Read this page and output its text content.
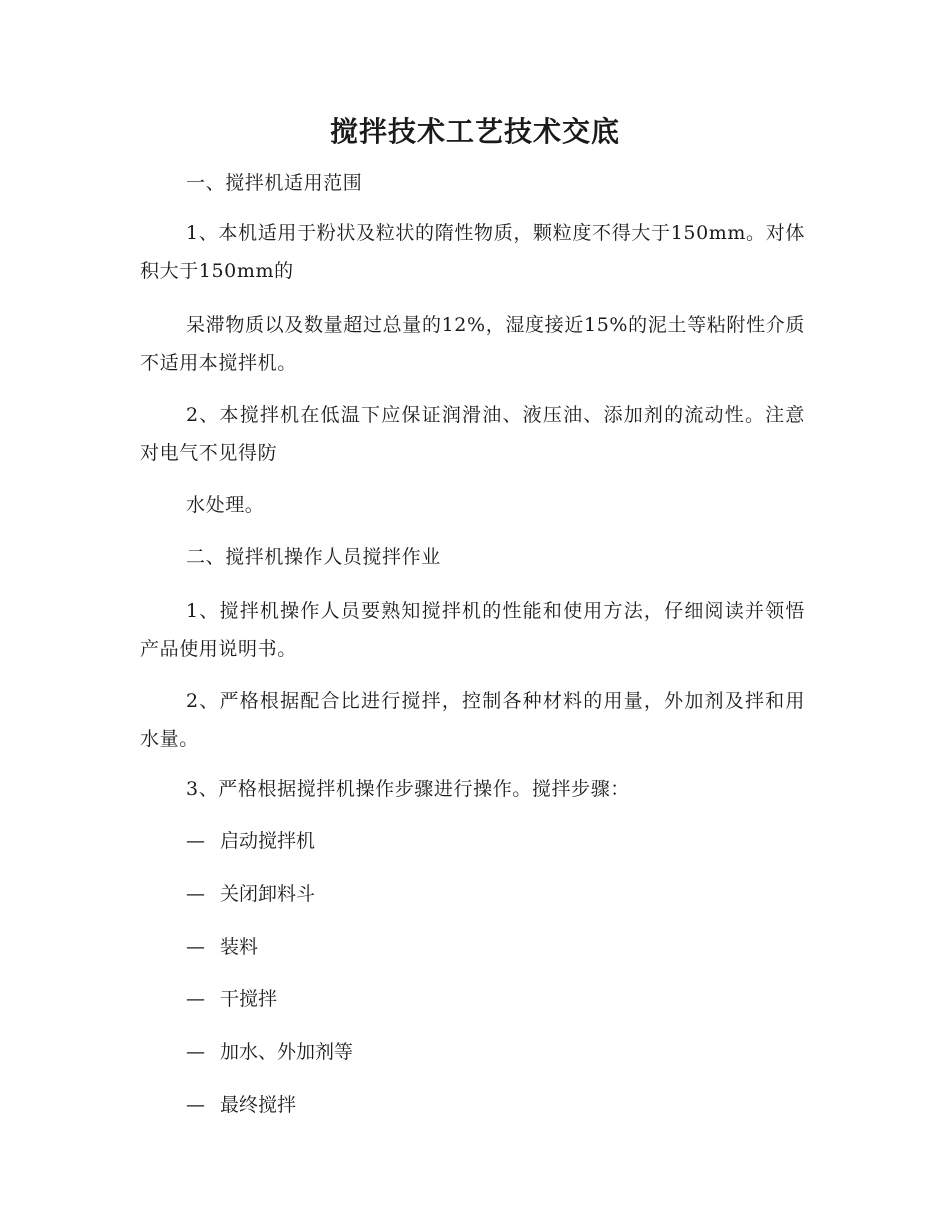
搅拌技术工艺技术交底
一、搅拌机适用范围
1、本机适用于粉状及粒状的隋性物质，颗粒度不得大于150mm。对体积大于150mm的
呆滞物质以及数量超过总量的12%，湿度接近15%的泥土等粘附性介质不适用本搅拌机。
2、本搅拌机在低温下应保证润滑油、液压油、添加剂的流动性。注意对电气不见得防
水处理。
二、搅拌机操作人员搅拌作业
1、搅拌机操作人员要熟知搅拌机的性能和使用方法，仔细阅读并领悟产品使用说明书。
2、严格根据配合比进行搅拌，控制各种材料的用量，外加剂及拌和用水量。
3、严格根据搅拌机操作步骤进行操作。搅拌步骤：
— 启动搅拌机
— 关闭卸料斗
— 装料
— 干搅拌
— 加水、外加剂等
— 最终搅拌
